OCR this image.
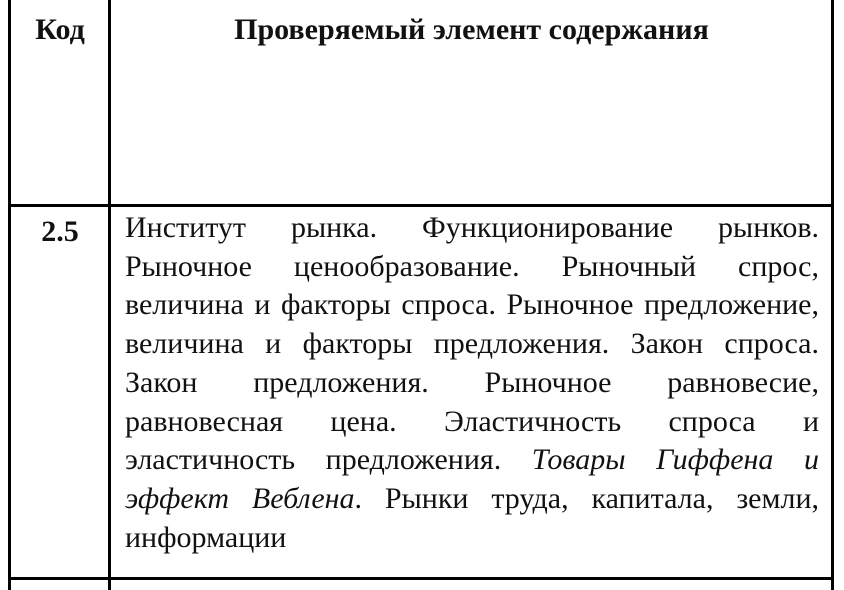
Код	Проверяемый элемент содержания
2.5	Институт рынка. Функционирование рынков. Рыночное ценообразование. Рыночный спрос, величина и факторы спроса. Рыночное предложение, величина и факторы предложения. Закон спроса. Закон предложения. Рыночное равновесие, равновесная цена. Эластичность спроса и эластичность предложения. Товары Гиффена и эффект Веблена. Рынки труда, капитала, земли, информации
